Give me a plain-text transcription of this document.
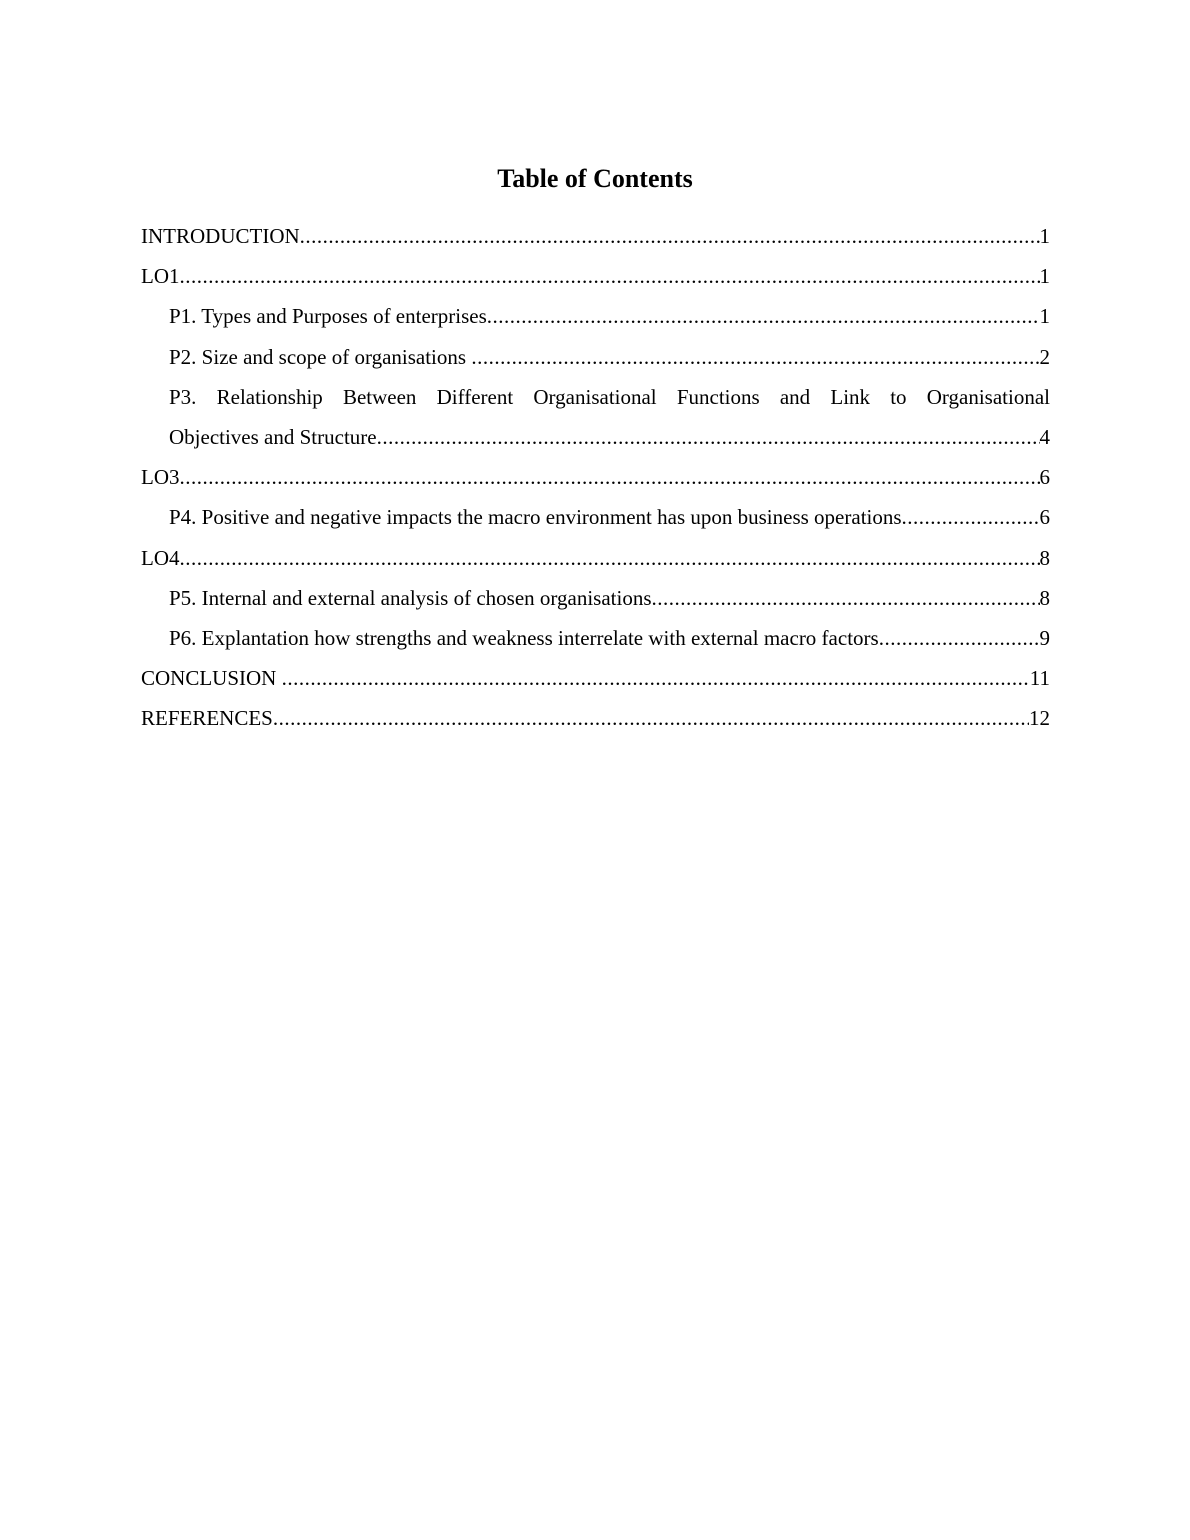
Table of Contents
INTRODUCTION .....	1
LO1 .....	1
P1. Types and Purposes of enterprises .....	1
P2. Size and scope of organisations .....	2
P3. Relationship Between Different Organisational Functions and Link to Organisational
Objectives and Structure .....	4
LO3 .....	6
P4. Positive and negative impacts the macro environment has upon business operations .....	6
LO4 .....	8
P5. Internal and external analysis of chosen organisations .....	8
P6. Explantation how strengths and weakness interrelate with external macro factors .....	9
CONCLUSION .....	11
REFERENCES .....	12
